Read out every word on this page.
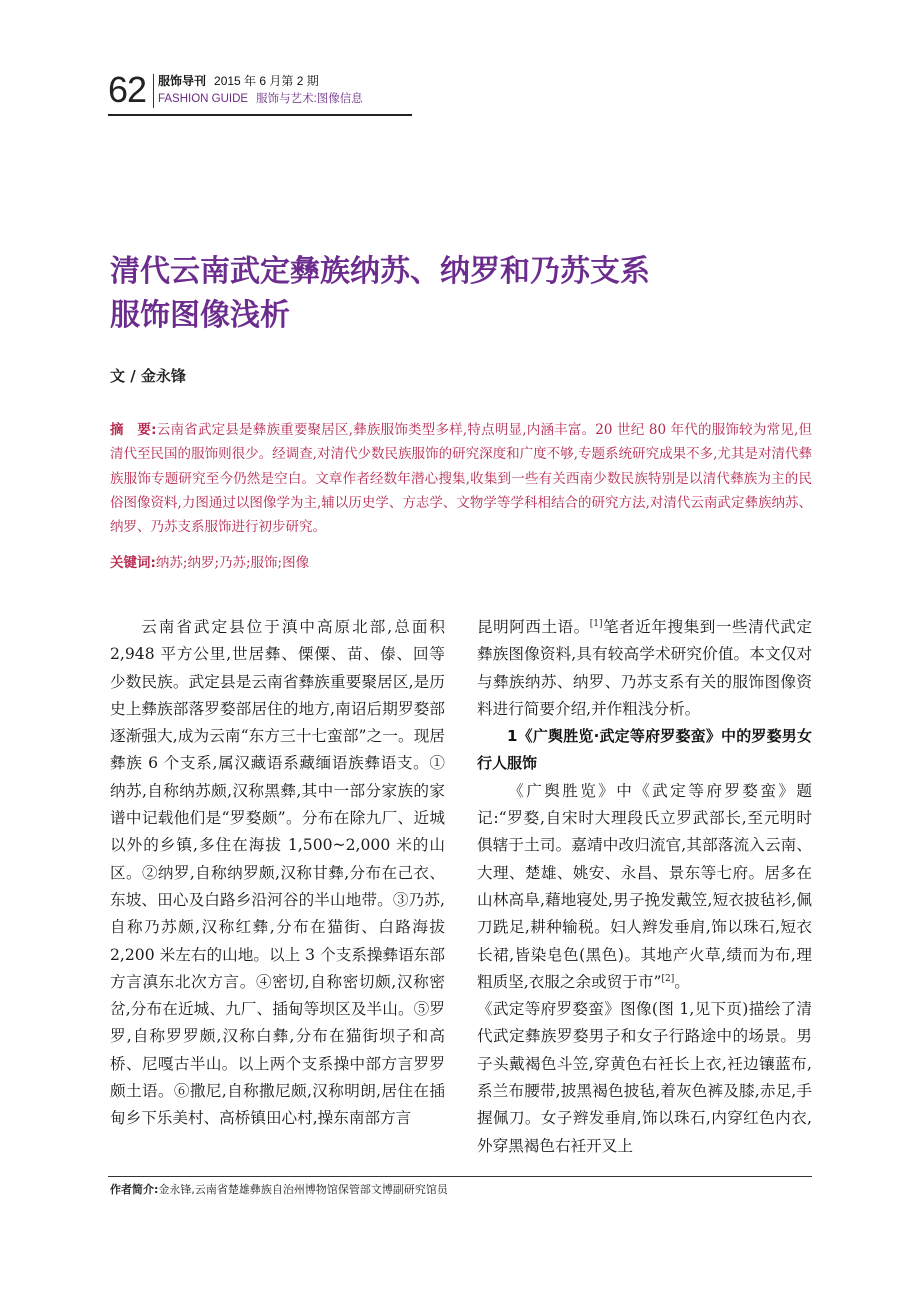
62 服饰导刊 2015 年 6 月第 2 期
FASHION GUIDE 服饰与艺术:图像信息
清代云南武定彝族纳苏、纳罗和乃苏支系
服饰图像浅析
文 / 金永锋
摘　要:云南省武定县是彝族重要聚居区,彝族服饰类型多样,特点明显,内涵丰富。20 世纪 80 年代的服饰较为常见,但清代至民国的服饰则很少。经调查,对清代少数民族服饰的研究深度和广度不够,专题系统研究成果不多,尤其是对清代彝族服饰专题研究至今仍然是空白。文章作者经数年潜心搜集,收集到一些有关西南少数民族特别是以清代彝族为主的民俗图像资料,力图通过以图像学为主,辅以历史学、方志学、文物学等学科相结合的研究方法,对清代云南武定彝族纳苏、纳罗、乃苏支系服饰进行初步研究。
关键词:纳苏;纳罗;乃苏;服饰;图像

云南省武定县位于滇中高原北部,总面积 2,948 平方公里,世居彝、傈僳、苗、傣、回等少数民族。武定县是云南省彝族重要聚居区,是历史上彝族部落罗婺部居住的地方,南诏后期罗婺部逐渐强大,成为云南“东方三十七蛮部”之一。现居彝族 6 个支系,属汉藏语系藏缅语族彝语支。①纳苏,自称纳苏颇,汉称黑彝,其中一部分家族的家谱中记载他们是“罗婺颇”。分布在除九厂、近城以外的乡镇,多住在海拔 1,500~2,000 米的山区。②纳罗,自称纳罗颇,汉称甘彝,分布在己衣、东坡、田心及白路乡沿河谷的半山地带。③乃苏,自称乃苏颇,汉称红彝,分布在猫街、白路海拔 2,200 米左右的山地。以上 3 个支系操彝语东部方言滇东北次方言。④密切,自称密切颇,汉称密岔,分布在近城、九厂、插甸等坝区及半山。⑤罗罗,自称罗罗颇,汉称白彝,分布在猫街坝子和高桥、尼嘎古半山。以上两个支系操中部方言罗罗颇土语。⑥撒尼,自称撒尼颇,汉称明朗,居住在插甸乡下乐美村、高桥镇田心村,操东南部方言

昆明阿西土语。[1]笔者近年搜集到一些清代武定彝族图像资料,具有较高学术研究价值。本文仅对与彝族纳苏、纳罗、乃苏支系有关的服饰图像资料进行简要介绍,并作粗浅分析。

1《广舆胜览·武定等府罗婺蛮》中的罗婺男女行人服饰

《广舆胜览》中《武定等府罗婺蛮》题记:“罗婺,自宋时大理段氏立罗武部长,至元明时俱辖于土司。嘉靖中改归流官,其部落流入云南、大理、楚雄、姚安、永昌、景东等七府。居多在山林高阜,藉地寝处,男子挽发戴笠,短衣披毡衫,佩刀跣足,耕种输税。妇人辫发垂肩,饰以珠石,短衣长裙,皆染皂色(黑色)。其地产火草,绩而为布,理粗质坚,衣服之余或贸于市”[2]。

《武定等府罗婺蛮》图像(图 1,见下页)描绘了清代武定彝族罗婺男子和女子行路途中的场景。男子头戴褐色斗笠,穿黄色右衽长上衣,衽边镶蓝布,系兰布腰带,披黑褐色披毡,着灰色裤及膝,赤足,手握佩刀。女子辫发垂肩,饰以珠石,内穿红色内衣,外穿黑褐色右衽开叉上

作者简介:金永锋,云南省楚雄彝族自治州博物馆保管部文博副研究馆员
